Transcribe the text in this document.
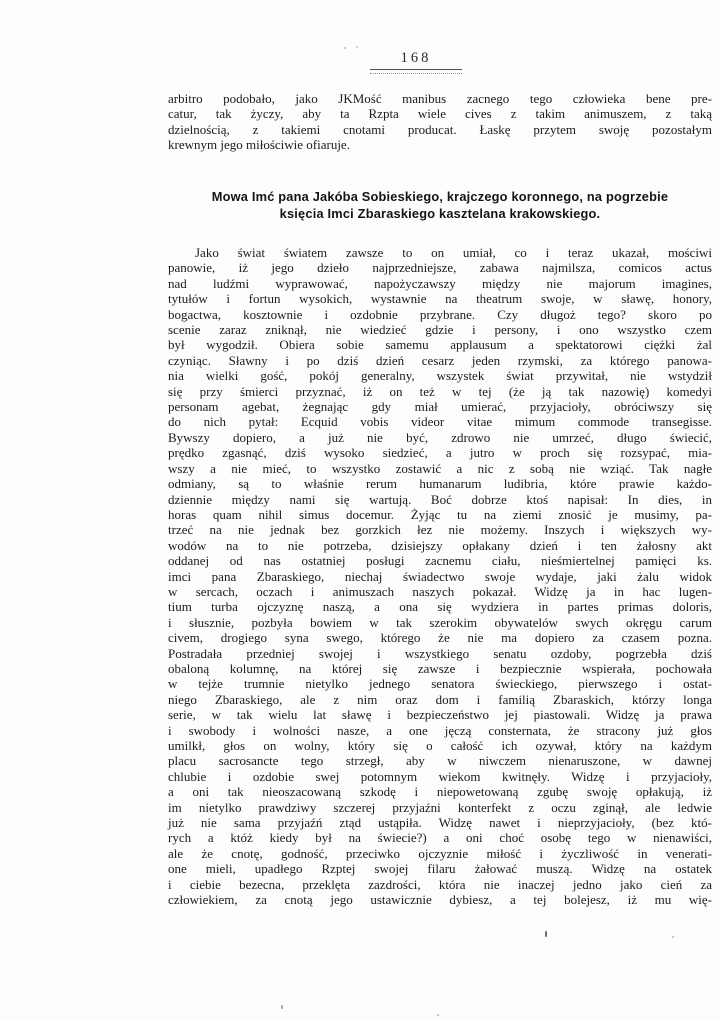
168
arbitro podobało, jako JKMość manibus zacnego tego człowieka bene pre-
catur, tak życzy, aby ta Rzpta wiele cives z takim animuszem, z taką
dzielnością, z takiemi cnotami producat. Łaskę przytem swoję pozostałym
krewnym jego miłościwie ofiaruje.
Mowa Imć pana Jakóba Sobieskiego, krajczego koronnego, na pogrzebie
księcia Imci Zbaraskiego kasztelana krakowskiego.
Jako świat światem zawsze to on umiał, co i teraz ukazał, mościwi
panowie, iż jego dzieło najprzedniejsze, zabawa najmilsza, comicos actus
nad ludźmi wyprawować, napożyczawszy między nie majorum imagines,
tytułów i fortun wysokich, wystawnie na theatrum swoje, w sławę, honory,
bogactwa, kosztownie i ozdobnie przybrane. Czy długoż tego? skoro po
scenie zaraz zniknął, nie wiedzieć gdzie i persony, i ono wszystko czem
był wygodził. Obiera sobie samemu applausum a spektatorowi ciężki żal
czyniąc. Sławny i po dziś dzień cesarz jeden rzymski, za którego panowa-
nia wielki gość, pokój generalny, wszystek świat przywitał, nie wstydził
się przy śmierci przyznać, iż on też w tej (że ją tak nazowię) komedyi
personam agebat, żegnając gdy miał umierać, przyjacioły, obróciwszy się
do nich pytał: Ecquid vobis videor vitae mimum commode transegisse.
Bywszy dopiero, a już nie być, zdrowo nie umrzeć, długo świecić,
prędko zgasnąć, dziś wysoko siedzieć, a jutro w proch się rozsypać, mia-
wszy a nie mieć, to wszystko zostawić a nic z sobą nie wziąć. Tak nagłe
odmiany, są to właśnie rerum humanarum ludibria, które prawie każdo-
dziennie między nami się wartują. Boć dobrze ktoś napisał: In dies, in
horas quam nihil simus docemur. Żyjąc tu na ziemi znosić je musimy, pa-
trzeć na nie jednak bez gorzkich łez nie możemy. Inszych i większych wy-
wodów na to nie potrzeba, dzisiejszy opłakany dzień i ten żałosny akt
oddanej od nas ostatniej posługi zacnemu ciału, nieśmiertelnej pamięci ks.
imci pana Zbaraskiego, niechaj świadectwo swoje wydaje, jaki żalu widok
w sercach, oczach i animuszach naszych pokazał. Widzę ja in hac lugen-
tium turba ojczyznę naszą, a ona się wydziera in partes primas doloris,
i słusznie, pozbyła bowiem w tak szerokim obywatelów swych okręgu carum
civem, drogiego syna swego, którego że nie ma dopiero za czasem pozna.
Postradała przedniej swojej i wszystkiego senatu ozdoby, pogrzebła dziś
obaloną kolumnę, na której się zawsze i bezpiecznie wspierała, pochowała
w tejże trumnie nietylko jednego senatora świeckiego, pierwszego i ostat-
niego Zbaraskiego, ale z nim oraz dom i familią Zbaraskich, którzy longa
serie, w tak wielu lat sławę i bezpieczeństwo jej piastowali. Widzę ja prawa
i swobody i wolności nasze, a one jęczą consternata, że stracony już głos
umilkł, głos on wolny, który się o całość ich ozywał, który na każdym
placu sacrosancte tego strzegł, aby w niwczem nienaruszone, w dawnej
chlubie i ozdobie swej potomnym wiekom kwitnęły. Widzę i przyjacioły,
a oni tak nieoszacowaną szkodę i niepowetowaną zgubę swoję opłakują, iż
im nietylko prawdziwy szczerej przyjaźni konterfekt z oczu zginął, ale ledwie
już nie sama przyjaźń ztąd ustąpiła. Widzę nawet i nieprzyjacioły, (bez któ-
rych a któż kiedy był na świecie?) a oni choć osobę tego w nienawiści,
ale że cnotę, godność, przeciwko ojczyznie miłość i życzliwość in venerati-
one mieli, upadłego Rzptej swojej filaru żałować muszą. Widzę na ostatek
i ciebie bezecna, przeklęta zazdrości, która nie inaczej jedno jako cień za
człowiekiem, za cnotą jego ustawicznie dybiesz, a tej bolejesz, iż mu wię-
